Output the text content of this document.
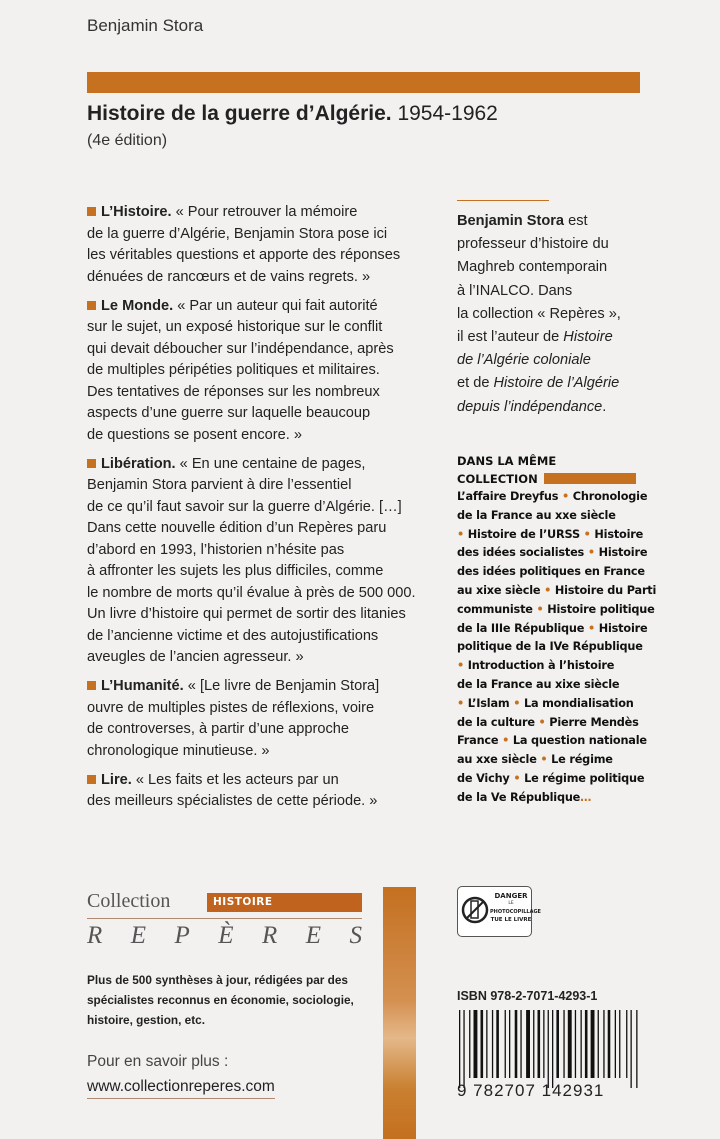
Benjamin Stora
Histoire de la guerre d’Algérie. 1954-1962
(4e édition)
L’Histoire. « Pour retrouver la mémoire
de la guerre d’Algérie, Benjamin Stora pose ici
les véritables questions et apporte des réponses
dénuées de rancœurs et de vains regrets. »
Le Monde. « Par un auteur qui fait autorité
sur le sujet, un exposé historique sur le conflit
qui devait déboucher sur l’indépendance, après
de multiples péripéties politiques et militaires.
Des tentatives de réponses sur les nombreux
aspects d’une guerre sur laquelle beaucoup
de questions se posent encore. »
Libération. « En une centaine de pages,
Benjamin Stora parvient à dire l’essentiel
de ce qu’il faut savoir sur la guerre d’Algérie. […]
Dans cette nouvelle édition d’un Repères paru
d’abord en 1993, l’historien n’hésite pas
à affronter les sujets les plus difficiles, comme
le nombre de morts qu’il évalue à près de 500 000.
Un livre d’histoire qui permet de sortir des litanies
de l’ancienne victime et des autojustifications
aveugles de l’ancien agresseur. »
L’Humanité. « [Le livre de Benjamin Stora]
ouvre de multiples pistes de réflexions, voire
de controverses, à partir d’une approche
chronologique minutieuse. »
Lire. « Les faits et les acteurs par un
des meilleurs spécialistes de cette période. »
Benjamin Stora est
professeur d’histoire du
Maghreb contemporain
à l’INALCO. Dans
la collection « Repères »,
il est l’auteur de Histoire
de l’Algérie coloniale
et de Histoire de l’Algérie
depuis l’indépendance.
DANS LA MÊME
COLLECTION
L’affaire Dreyfus • Chronologie
de la France au xxe siècle
• Histoire de l’URSS • Histoire
des idées socialistes • Histoire
des idées politiques en France
au xixe siècle • Histoire du Parti
communiste • Histoire politique
de la IIIe République • Histoire
politique de la IVe République
• Introduction à l’histoire
de la France au xixe siècle
• L’Islam • La mondialisation
de la culture • Pierre Mendès
France • La question nationale
au xxe siècle • Le régime
de Vichy • Le régime politique
de la Ve République…
Collection	HISTOIRE
R E P È R E S
Plus de 500 synthèses à jour, rédigées par des
spécialistes reconnus en économie, sociologie,
histoire, gestion, etc.
Pour en savoir plus :
www.collectionreperes.com
DANGER
LE
PHOTOCOPILLAGE
TUE LE LIVRE
ISBN 978-2-7071-4293-1
9 782707 142931
